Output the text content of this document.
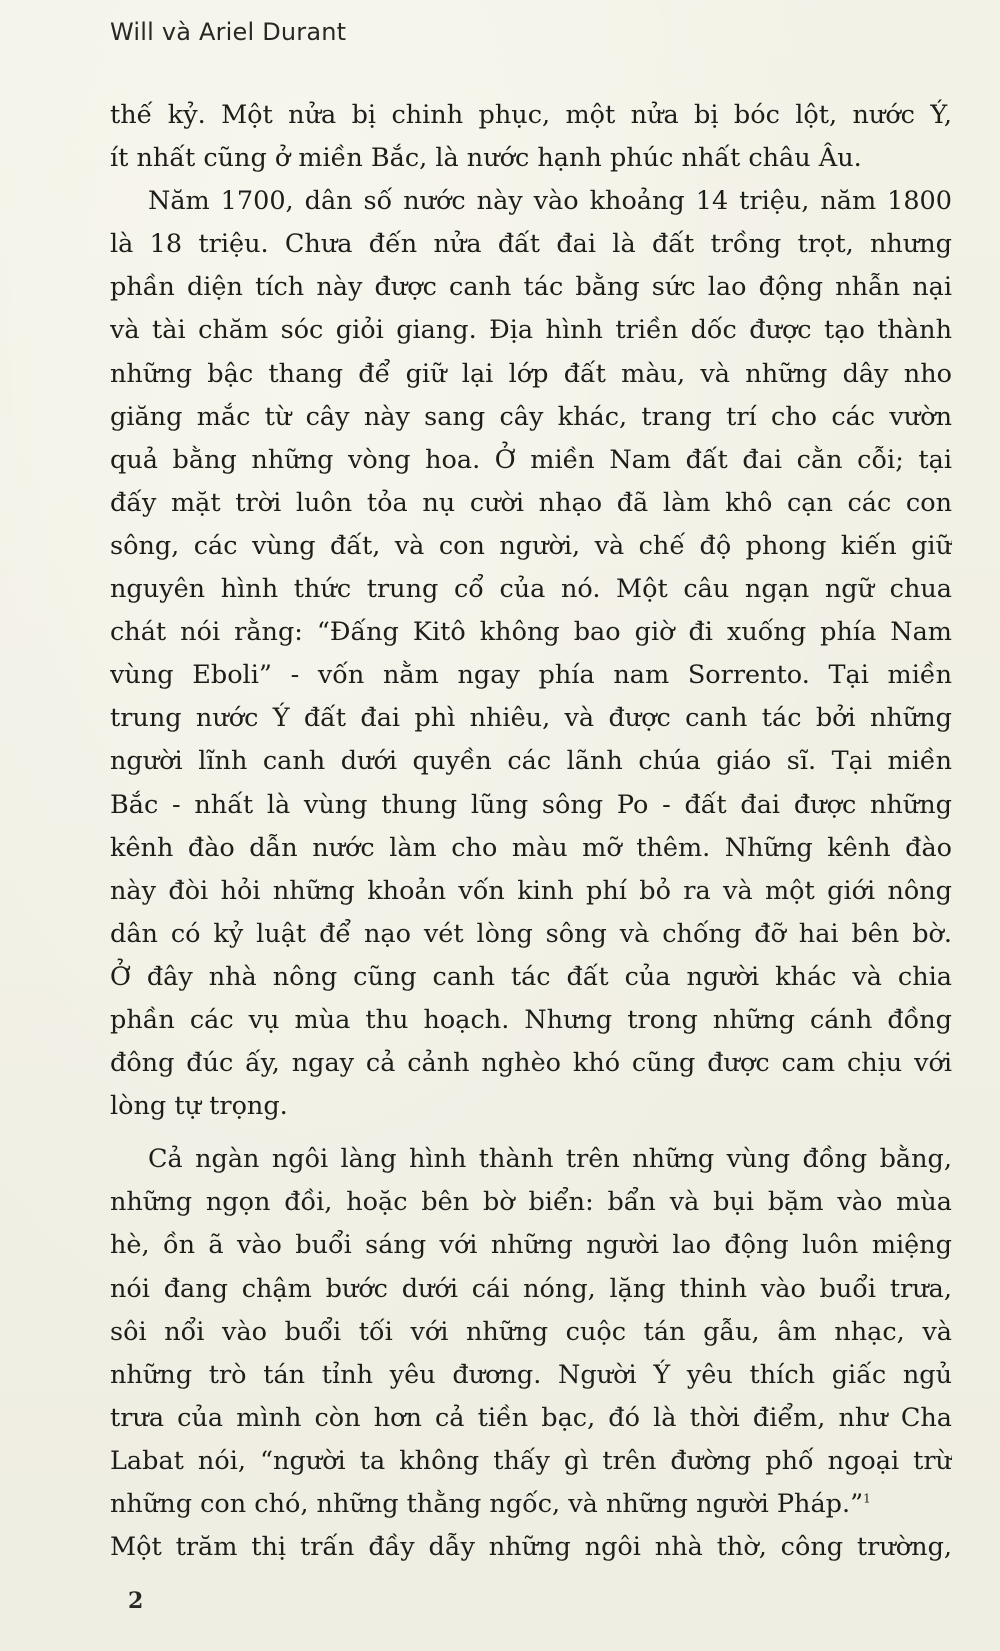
Will và Ariel Durant
thế kỷ. Một nửa bị chinh phục, một nửa bị bóc lột, nước Ý,
ít nhất cũng ở miền Bắc, là nước hạnh phúc nhất châu Âu.
Năm 1700, dân số nước này vào khoảng 14 triệu, năm 1800
là 18 triệu. Chưa đến nửa đất đai là đất trồng trọt, nhưng
phần diện tích này được canh tác bằng sức lao động nhẫn nại
và tài chăm sóc giỏi giang. Địa hình triền dốc được tạo thành
những bậc thang để giữ lại lớp đất màu, và những dây nho
giăng mắc từ cây này sang cây khác, trang trí cho các vườn
quả bằng những vòng hoa. Ở miền Nam đất đai cằn cỗi; tại
đấy mặt trời luôn tỏa nụ cười nhạo đã làm khô cạn các con
sông, các vùng đất, và con người, và chế độ phong kiến giữ
nguyên hình thức trung cổ của nó. Một câu ngạn ngữ chua
chát nói rằng: “Đấng Kitô không bao giờ đi xuống phía Nam
vùng Eboli” - vốn nằm ngay phía nam Sorrento. Tại miền
trung nước Ý đất đai phì nhiêu, và được canh tác bởi những
người lĩnh canh dưới quyền các lãnh chúa giáo sĩ. Tại miền
Bắc - nhất là vùng thung lũng sông Po - đất đai được những
kênh đào dẫn nước làm cho màu mỡ thêm. Những kênh đào
này đòi hỏi những khoản vốn kinh phí bỏ ra và một giới nông
dân có kỷ luật để nạo vét lòng sông và chống đỡ hai bên bờ.
Ở đây nhà nông cũng canh tác đất của người khác và chia
phần các vụ mùa thu hoạch. Nhưng trong những cánh đồng
đông đúc ấy, ngay cả cảnh nghèo khó cũng được cam chịu với
lòng tự trọng.
Cả ngàn ngôi làng hình thành trên những vùng đồng bằng,
những ngọn đồi, hoặc bên bờ biển: bẩn và bụi bặm vào mùa
hè, ồn ã vào buổi sáng với những người lao động luôn miệng
nói đang chậm bước dưới cái nóng, lặng thinh vào buổi trưa,
sôi nổi vào buổi tối với những cuộc tán gẫu, âm nhạc, và
những trò tán tỉnh yêu đương. Người Ý yêu thích giấc ngủ
trưa của mình còn hơn cả tiền bạc, đó là thời điểm, như Cha
Labat nói, “người ta không thấy gì trên đường phố ngoại trừ
những con chó, những thằng ngốc, và những người Pháp.”$^1$
Một trăm thị trấn đầy dẫy những ngôi nhà thờ, công trường,
2
